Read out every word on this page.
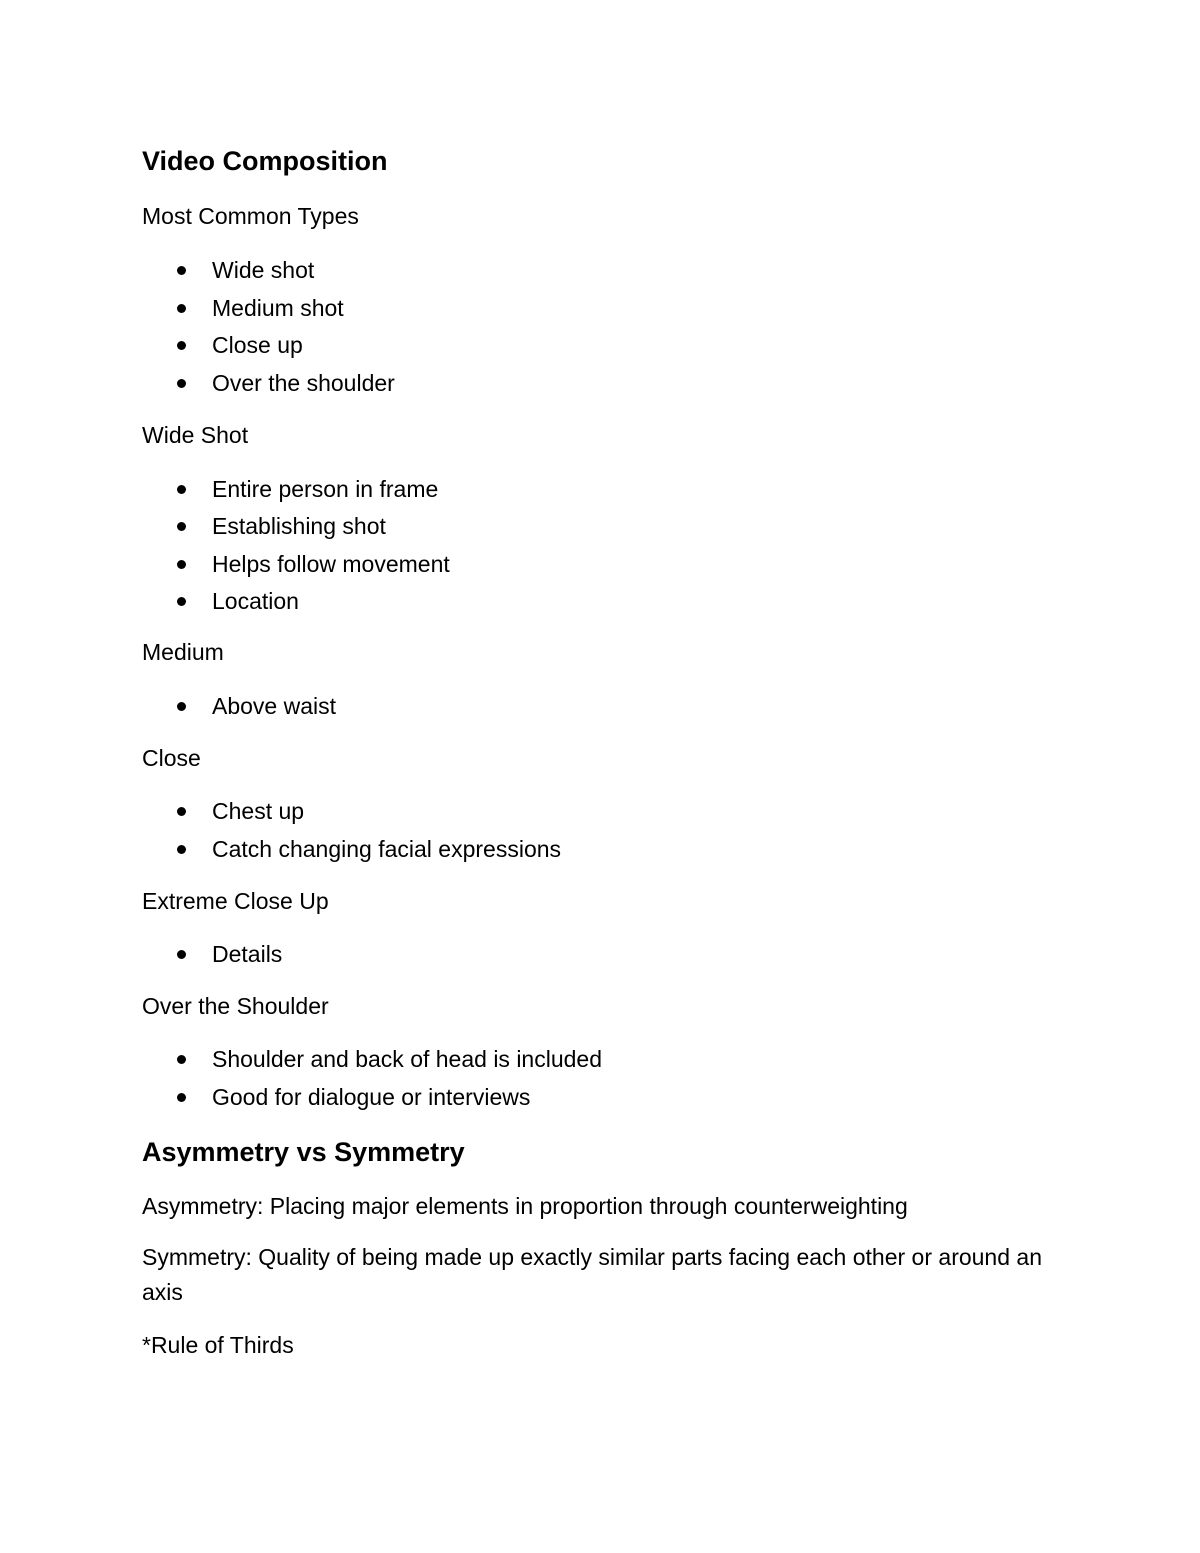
Video Composition

Most Common Types

Wide shot
Medium shot
Close up
Over the shoulder

Wide Shot

Entire person in frame
Establishing shot
Helps follow movement
Location

Medium

Above waist

Close

Chest up
Catch changing facial expressions

Extreme Close Up

Details

Over the Shoulder

Shoulder and back of head is included
Good for dialogue or interviews
Asymmetry vs Symmetry

Asymmetry: Placing major elements in proportion through counterweighting

Symmetry: Quality of being made up exactly similar parts facing each other or around an axis

*Rule of Thirds
